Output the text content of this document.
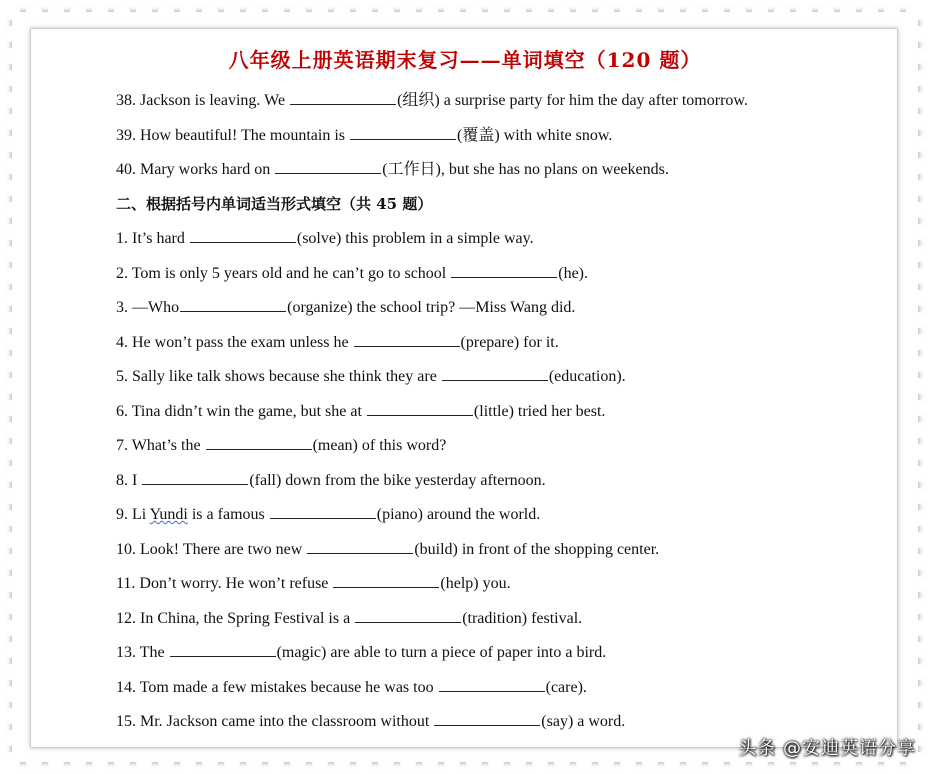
八年级上册英语期末复习——单词填空（120 题）
38. Jackson is leaving. We	(组织) a surprise party for him the day after tomorrow.
39. How beautiful! The mountain is	(覆盖) with white snow.
40. Mary works hard on	(工作日), but she has no plans on weekends.
二、根据括号内单词适当形式填空（共 45 题）
1. It’s hard	(solve) this problem in a simple way.
2. Tom is only 5 years old and he can’t go to school	(he).
3. —Who	(organize) the school trip? —Miss Wang did.
4. He won’t pass the exam unless he	(prepare) for it.
5. Sally like talk shows because she think they are	(education).
6. Tina didn’t win the game, but she at	(little) tried her best.
7. What’s the	(mean) of this word?
8. I	(fall) down from the bike yesterday afternoon.
9. Li Yundi is a famous	(piano) around the world.
10. Look! There are two new	(build) in front of the shopping center.
11. Don’t worry. He won’t refuse	(help) you.
12. In China, the Spring Festival is a	(tradition) festival.
13. The	(magic) are able to turn a piece of paper into a bird.
14. Tom made a few mistakes because he was too	(care).
15. Mr. Jackson came into the classroom without	(say) a word.
头条 @安迪英语分享
